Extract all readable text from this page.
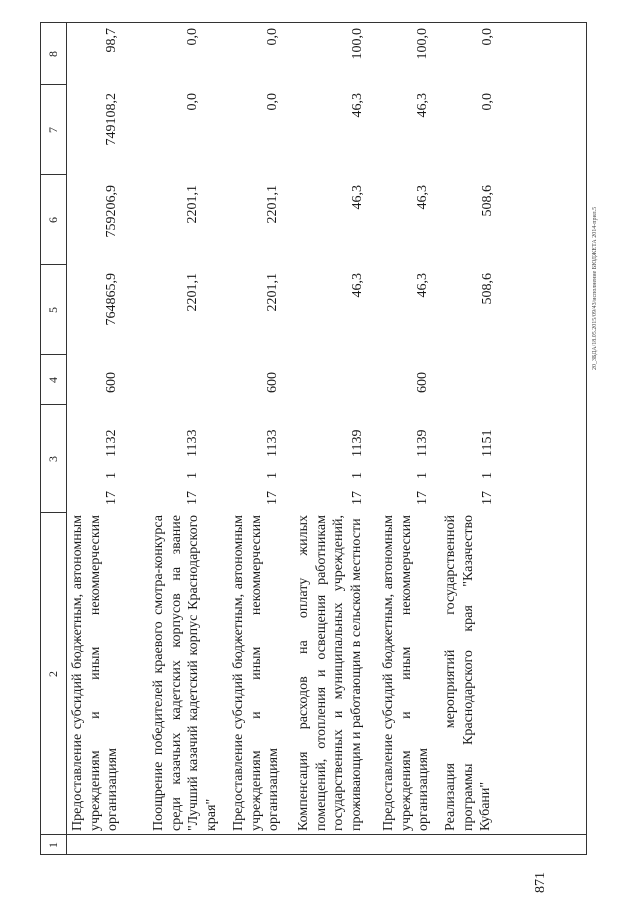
1
2
3
4
5
6
7
8
Предоставление субсидий бюджетным, автономным учреждениям и иным некоммерческим организациям
17
1
1132
600
764865,9
759206,9
749108,2
98,7
Поощрение победителей краевого смотра-конкурса среди казачьих кадетских корпусов на звание "Лучший казачий кадетский корпус Краснодарского края"
17
1
1133
2201,1
2201,1
0,0
0,0
Предоставление субсидий бюджетным, автономным учреждениям и иным некоммерческим организациям
17
1
1133
600
2201,1
2201,1
0,0
0,0
Компенсация расходов на оплату жилых помещений, отопления и освещения работникам государственных и муниципальных учреждений, проживающим и работающим в сельской местности
17
1
1139
46,3
46,3
46,3
100,0
Предоставление субсидий бюджетным, автономным учреждениям и иным некоммерческим организациям
17
1
1139
600
46,3
46,3
46,3
100,0
Реализация мероприятий государственной программы Краснодарского края "Казачество Кубани"
17
1
1151
508,6
508,6
0,0
0,0
20_3БДА/18.05.2015/09/43/исполнение БЮДЖЕТА 2014-прил.5
871
